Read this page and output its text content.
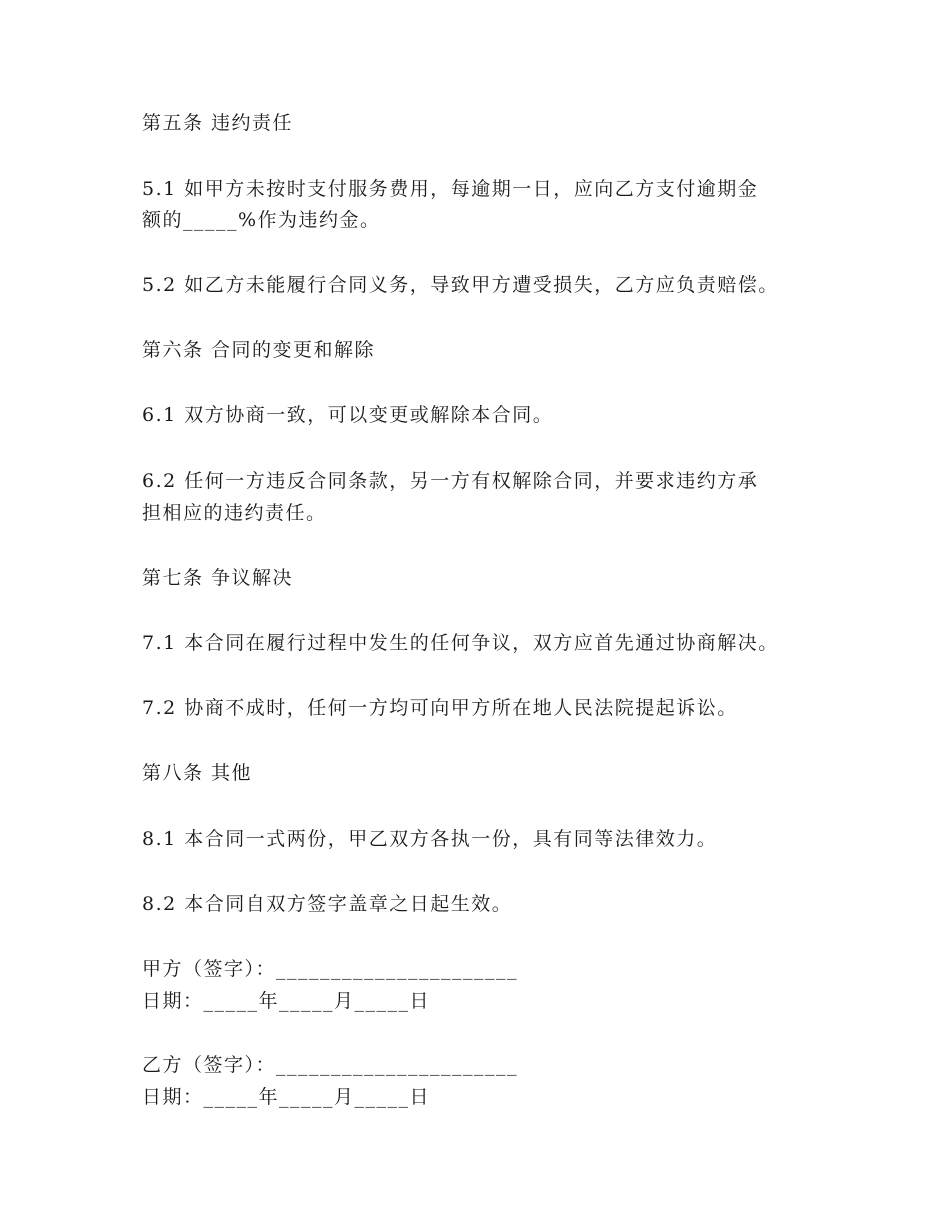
第五条 违约责任
5.1 如甲方未按时支付服务费用，每逾期一日，应向乙方支付逾期金
额的_____%作为违约金。
5.2 如乙方未能履行合同义务，导致甲方遭受损失，乙方应负责赔偿。
第六条 合同的变更和解除
6.1 双方协商一致，可以变更或解除本合同。
6.2 任何一方违反合同条款，另一方有权解除合同，并要求违约方承
担相应的违约责任。
第七条 争议解决
7.1 本合同在履行过程中发生的任何争议，双方应首先通过协商解决。
7.2 协商不成时，任何一方均可向甲方所在地人民法院提起诉讼。
第八条 其他
8.1 本合同一式两份，甲乙双方各执一份，具有同等法律效力。
8.2 本合同自双方签字盖章之日起生效。
甲方（签字）：______________________
日期：_____年_____月_____日
乙方（签字）：______________________
日期：_____年_____月_____日
